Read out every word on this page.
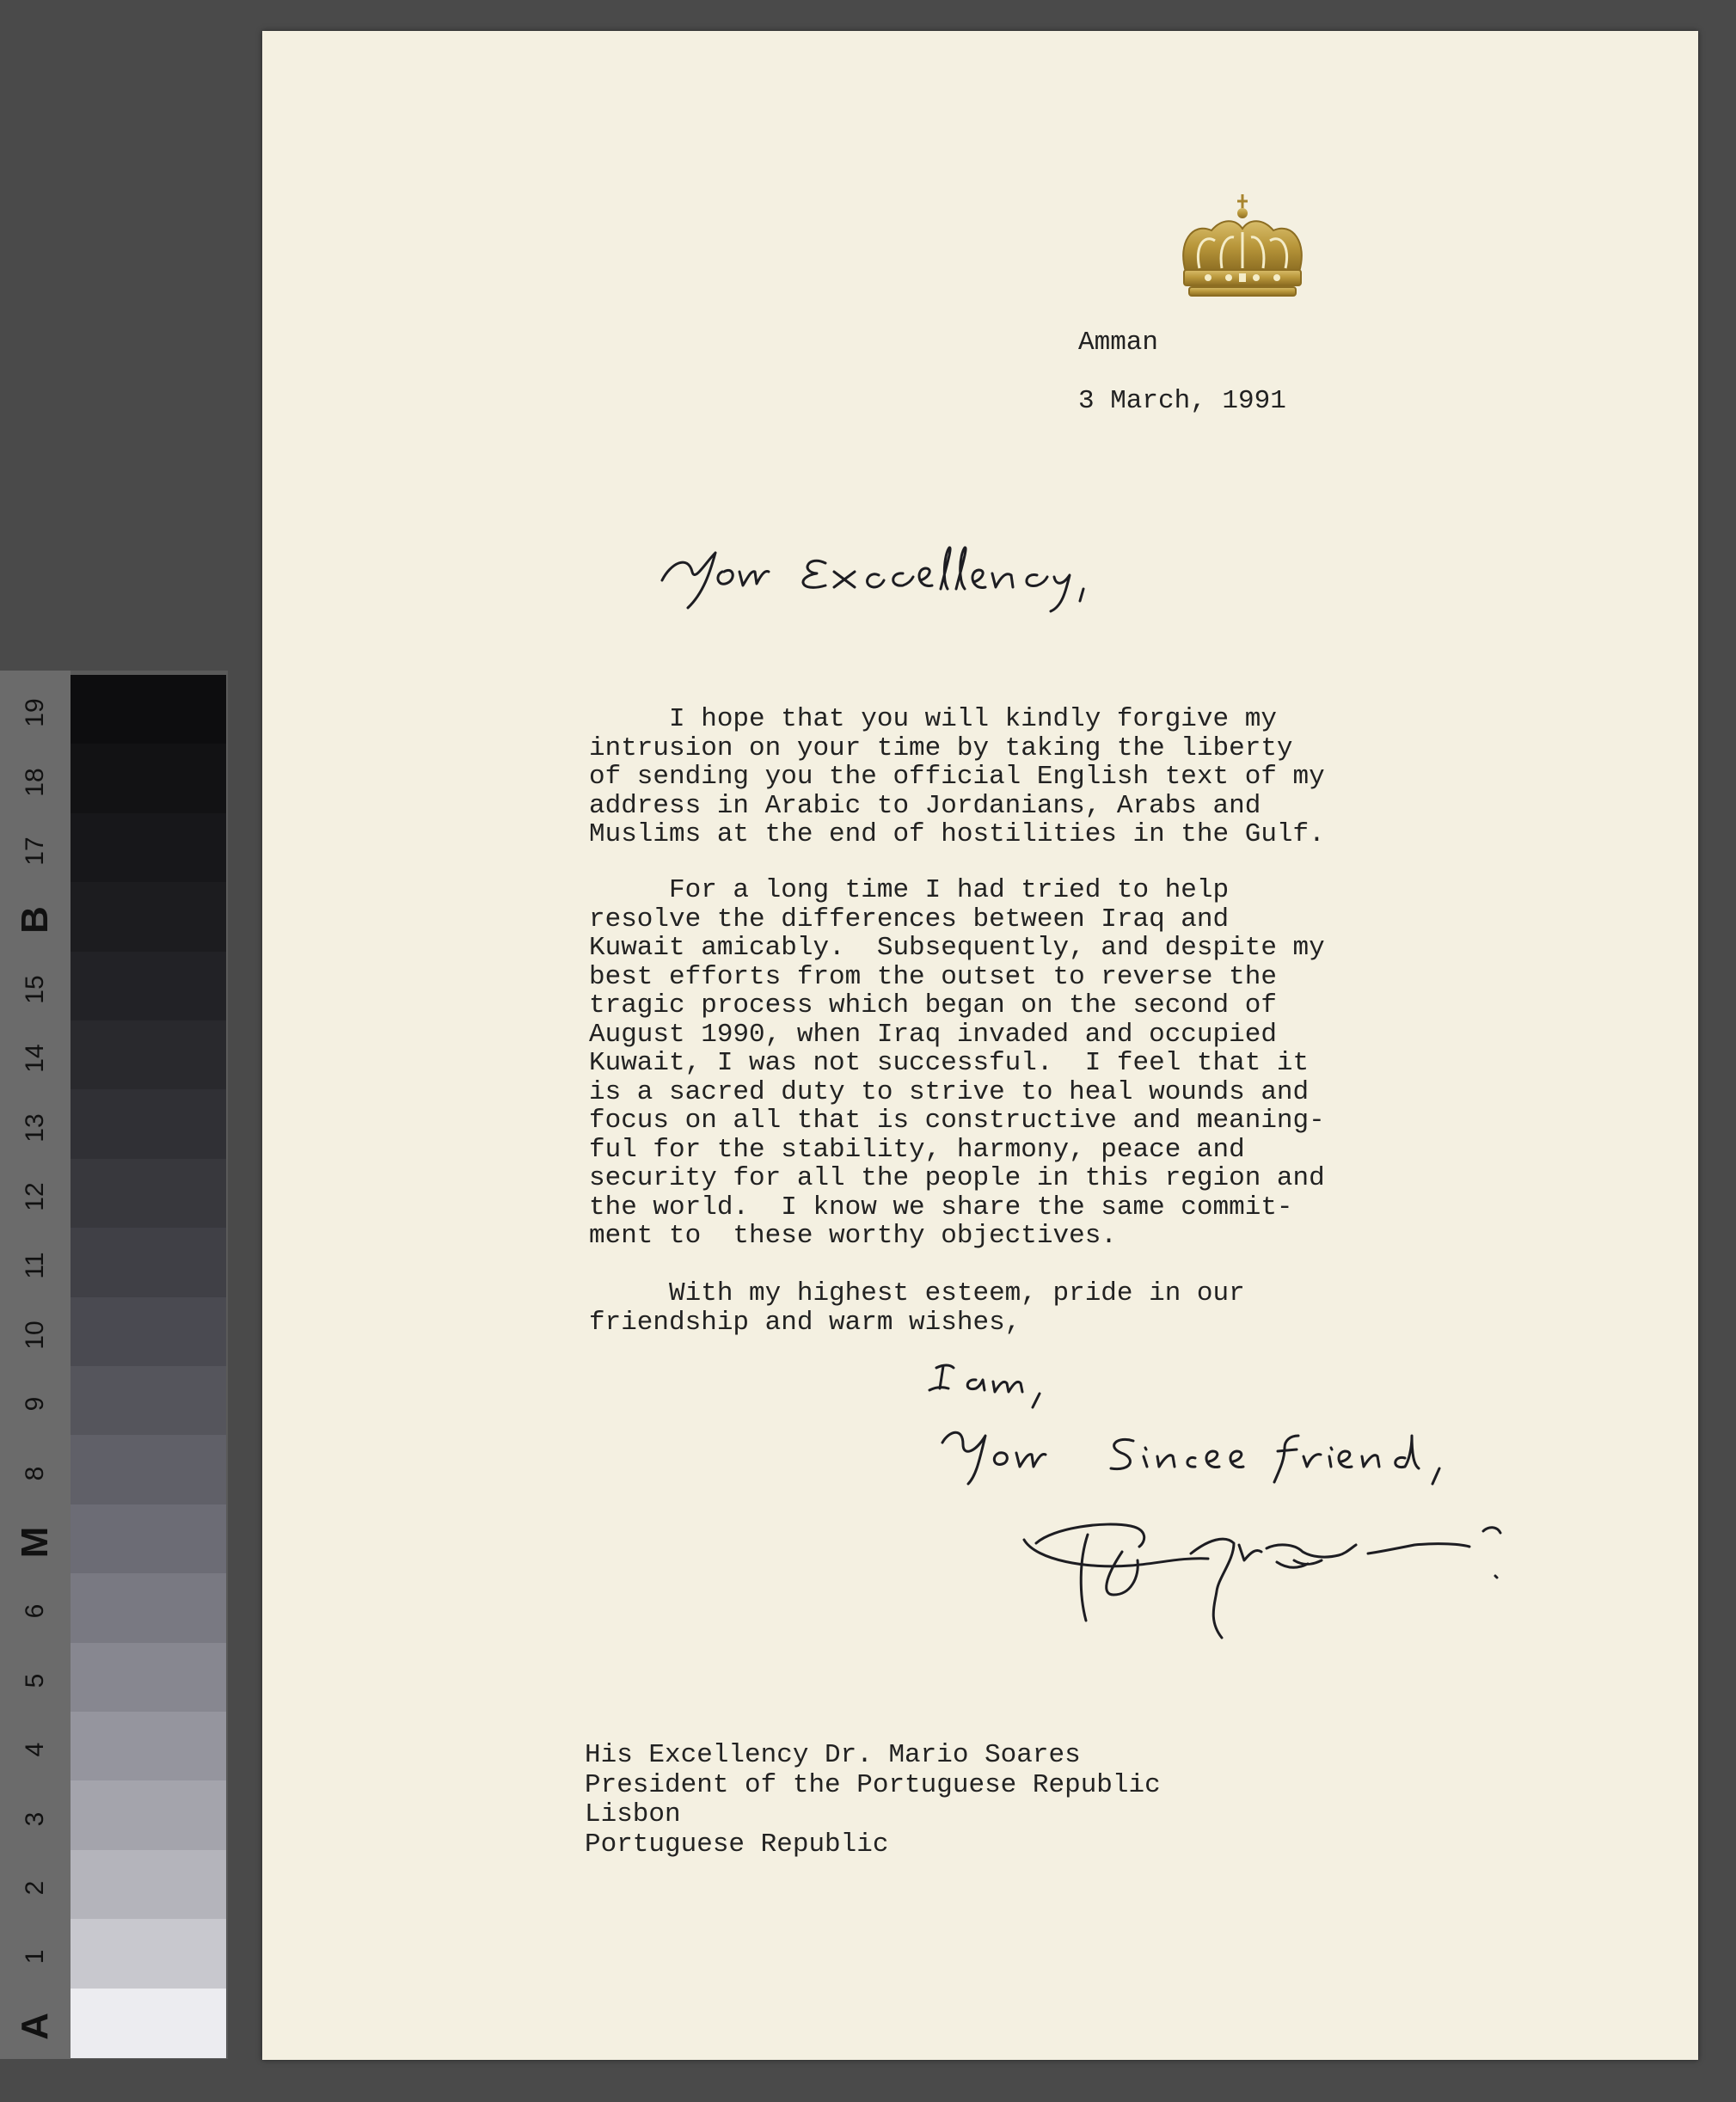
19
18
17
B
15
14
13
12
11
10
9
8
M
6
5
4
3
2
1
A

Amman

3 March, 1991

I hope that you will kindly forgive my
intrusion on your time by taking the liberty
of sending you the official English text of my
address in Arabic to Jordanians, Arabs and
Muslims at the end of hostilities in the Gulf.

For a long time I had tried to help
resolve the differences between Iraq and
Kuwait amicably.  Subsequently, and despite my
best efforts from the outset to reverse the
tragic process which began on the second of
August 1990, when Iraq invaded and occupied
Kuwait, I was not successful.  I feel that it
is a sacred duty to strive to heal wounds and
focus on all that is constructive and meaning-
ful for the stability, harmony, peace and
security for all the people in this region and
the world.  I know we share the same commit-
ment to  these worthy objectives.

With my highest esteem, pride in our
friendship and warm wishes,

His Excellency Dr. Mario Soares
President of the Portuguese Republic
Lisbon
Portuguese Republic
